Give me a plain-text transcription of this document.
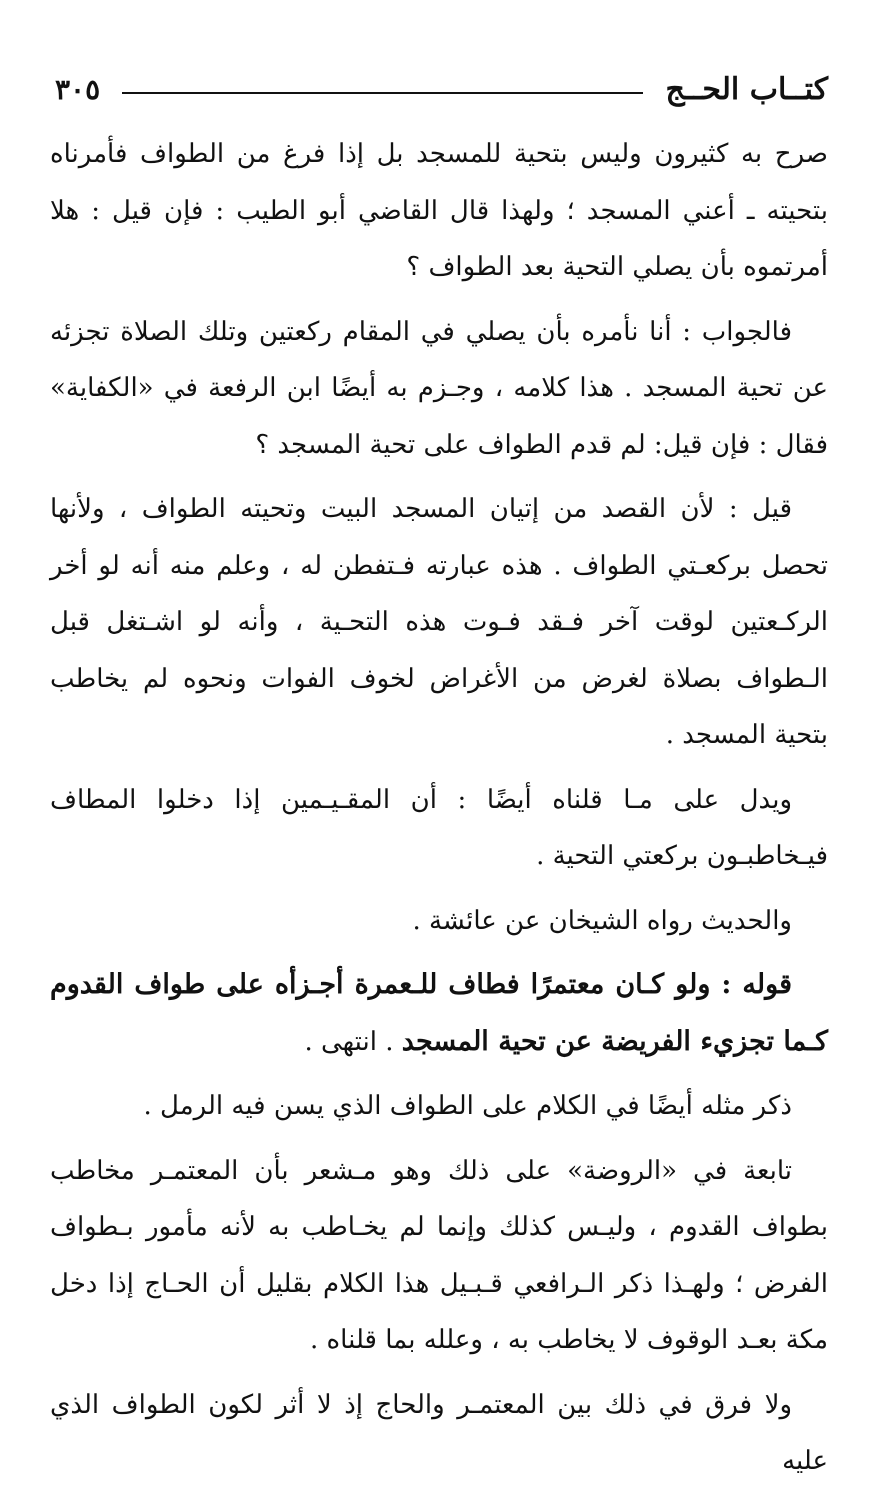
كتــاب الحــج
٣٠٥

صرح به كثيرون وليس بتحية للمسجد بل إذا فرغ من الطواف فأمرناه بتحيته ـ أعني المسجد ؛ ولهذا قال القاضي أبو الطيب : فإن قيل : هلا أمرتموه بأن يصلي التحية بعد الطواف ؟

فالجواب : أنا نأمره بأن يصلي في المقام ركعتين وتلك الصلاة تجزئه عن تحية المسجد . هذا كلامه ، وجـزم به أيضًا ابن الرفعة في «الكفاية» فقال : فإن قيل: لم قدم الطواف على تحية المسجد ؟

قيل : لأن القصد من إتيان المسجد البيت وتحيته الطواف ، ولأنها تحصل بركعـتي الطواف . هذه عبارته فـتفطن له ، وعلم منه أنه لو أخر الركـعتين لوقت آخر فـقد فـوت هذه التحـية ، وأنه لو اشـتغل قبل الـطواف بصلاة لغرض من الأغراض لخوف الفوات ونحوه لم يخاطب بتحية المسجد .

ويدل على مـا قلناه أيضًا : أن المقـيـمين إذا دخلوا المطاف فيـخاطبـون بركعتي التحية .

والحديث رواه الشيخان عن عائشة .

قوله : ولو كـان معتمرًا فطاف للـعمرة أجـزأه على طواف القدوم كـما تجزيء الفريضة عن تحية المسجد . انتهى .

ذكر مثله أيضًا في الكلام على الطواف الذي يسن فيه الرمل .

تابعة في «الروضة» على ذلك وهو مـشعر بأن المعتمـر مخاطب بطواف القدوم ، وليـس كذلك وإنما لم يخـاطب به لأنه مأمور بـطواف الفرض ؛ ولهـذا ذكر الـرافعي قـبـيل هذا الكلام بقليل أن الحـاج إذا دخل مكة بعـد الوقوف لا يخاطب به ، وعلله بما قلناه .

ولا فرق في ذلك بين المعتمـر والحاج إذ لا أثر لكون الطواف الذي عليه
